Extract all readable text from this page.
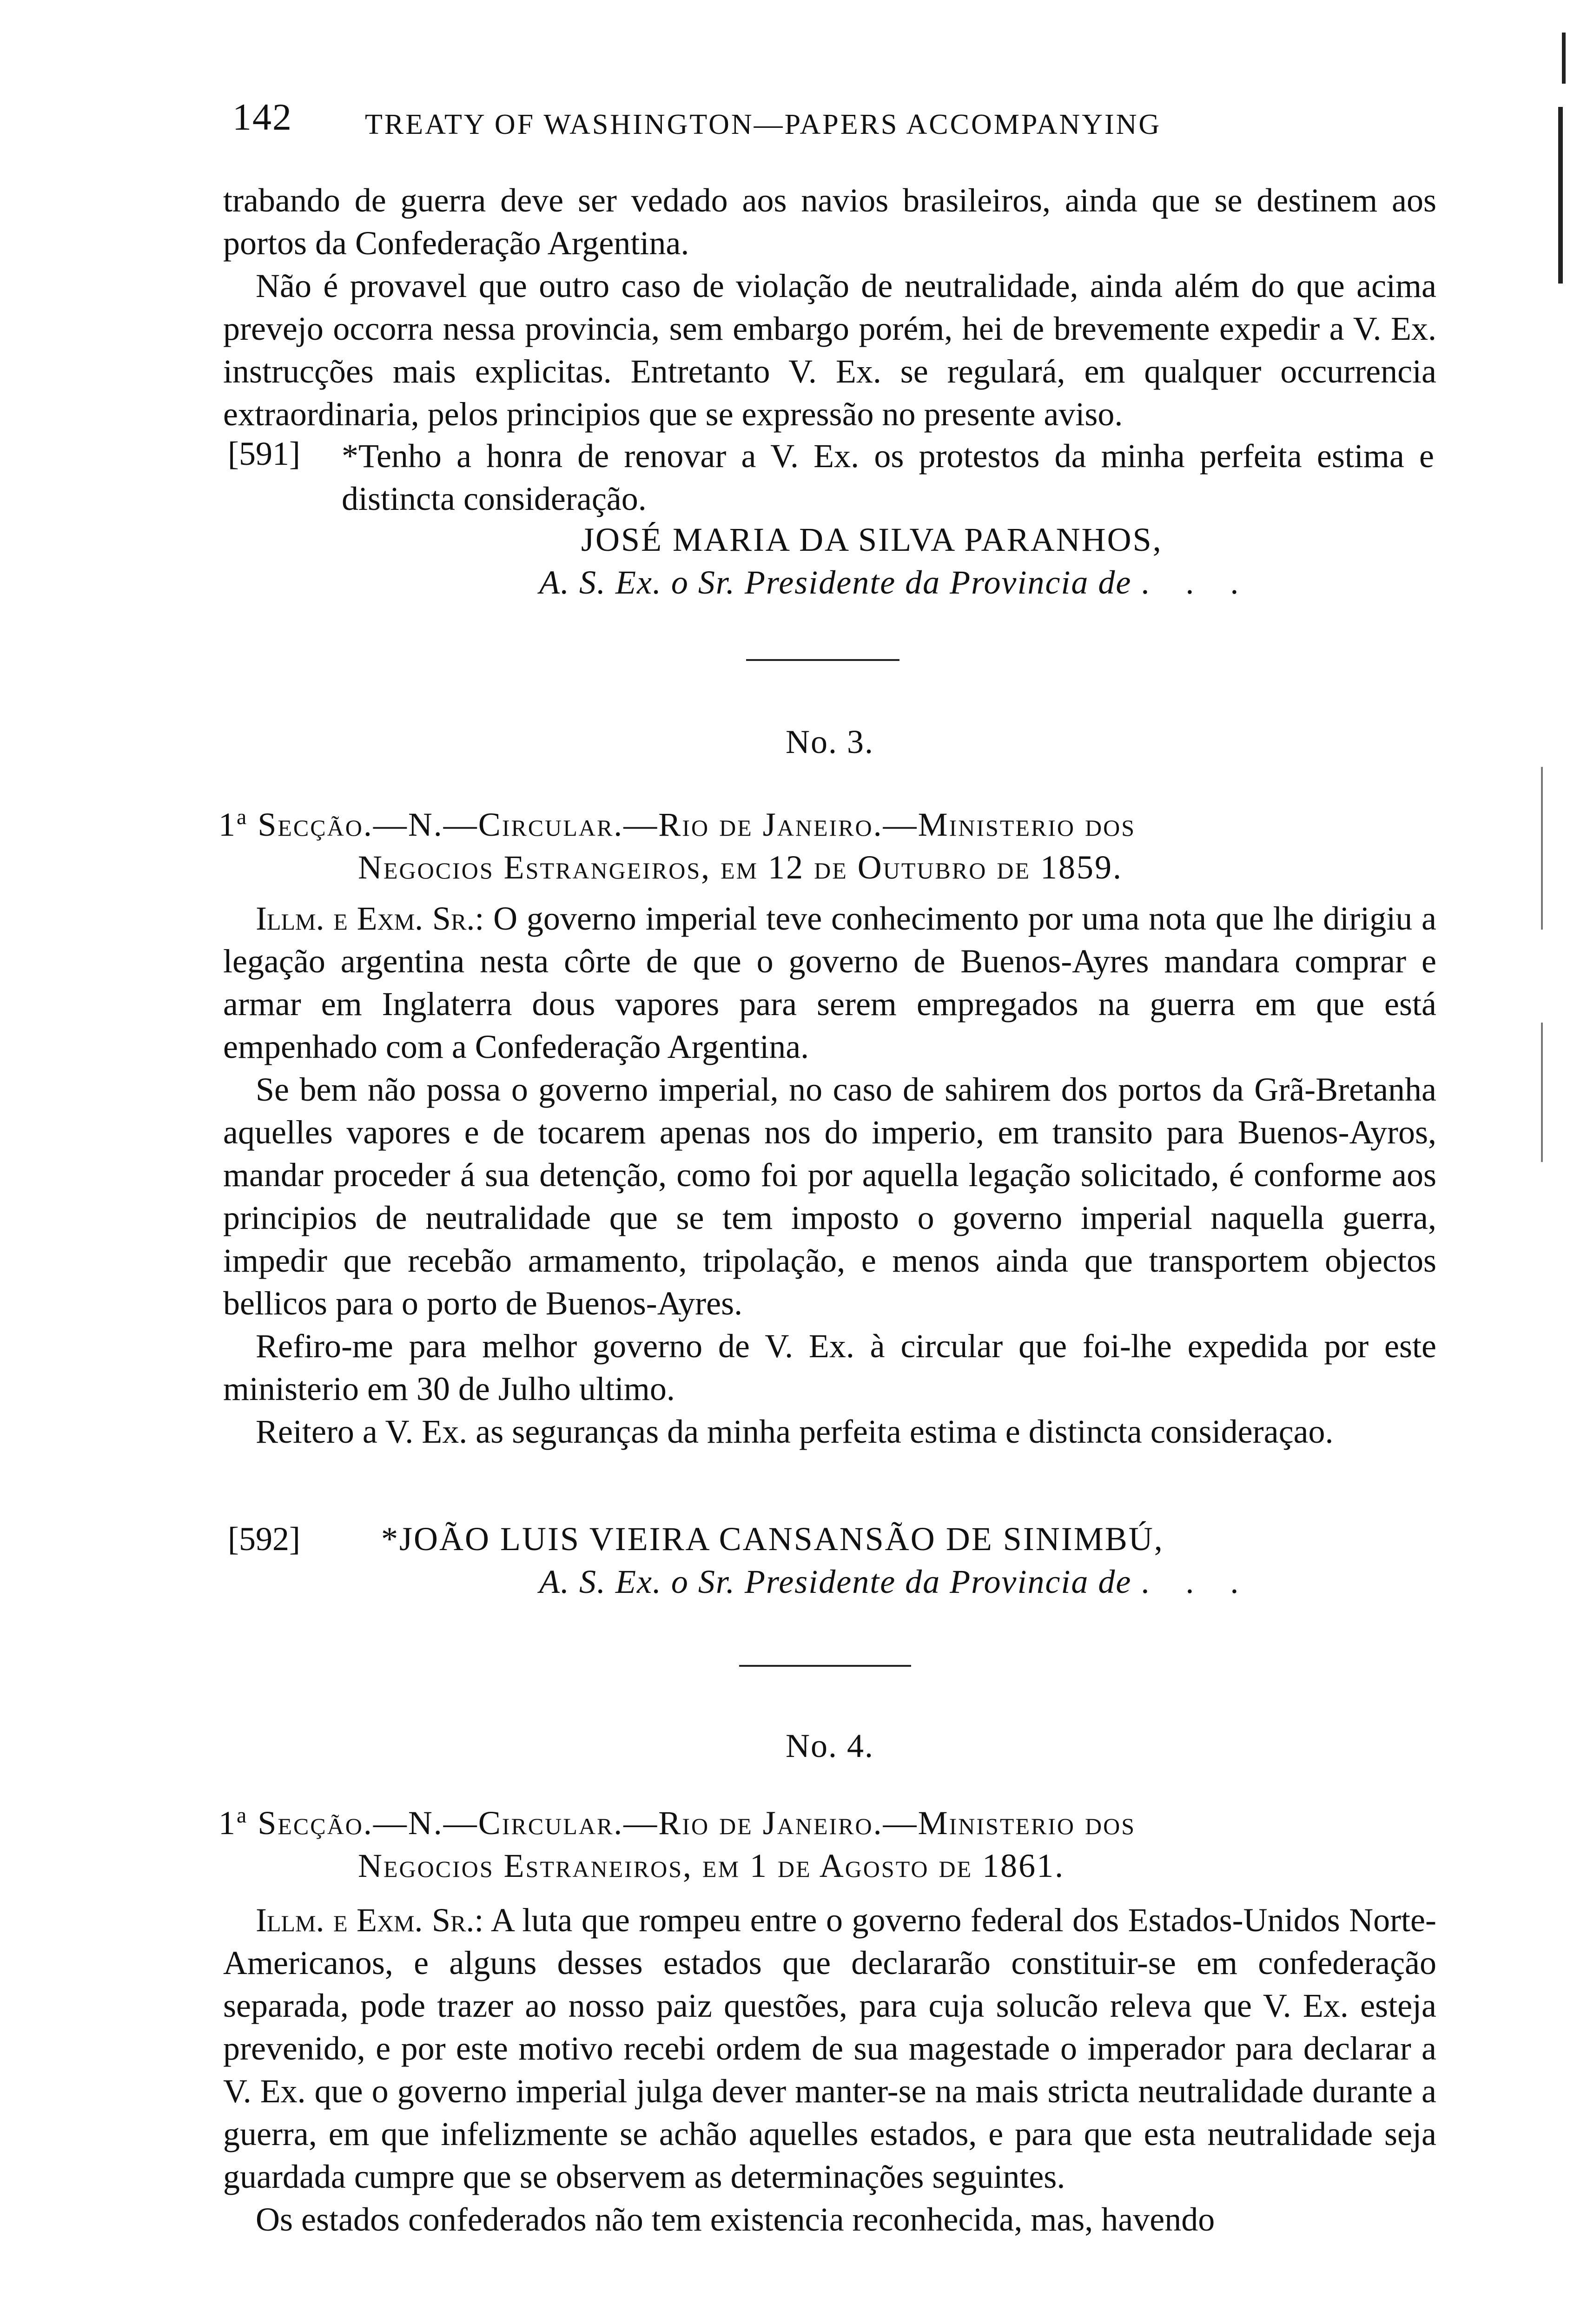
142	TREATY OF WASHINGTON—PAPERS ACCOMPANYING

trabando de guerra deve ser vedado aos navios brasileiros, ainda que se destinem aos portos da Confederação Argentina.

Não é provavel que outro caso de violação de neutralidade, ainda além do que acima prevejo occorra nessa provincia, sem embargo porém, hei de brevemente expedir a V. Ex. instrucções mais explicitas. Entretanto V. Ex. se regulará, em qualquer occurrencia extraordinaria, pelos principios que se expressão no presente aviso.

[591] *Tenho a honra de renovar a V. Ex. os protestos da minha perfeita estima e distincta consideração.
JOSÉ MARIA DA SILVA PARANHOS,
A. S. Ex. o Sr. Presidente da Provincia de . . .
No. 3.
1$^a$ Secção.—N.—Circular.—Rio de Janeiro.—Ministerio dos
Negocios Estrangeiros, em 12 de Outubro de 1859.

Illm. e Exm. Sr.: O governo imperial teve conhecimento por uma nota que lhe dirigiu a legação argentina nesta côrte de que o governo de Buenos-Ayres mandara comprar e armar em Inglaterra dous vapores para serem empregados na guerra em que está empenhado com a Confederação Argentina.

Se bem não possa o governo imperial, no caso de sahirem dos portos da Grã-Bretanha aquelles vapores e de tocarem apenas nos do imperio, em transito para Buenos-Ayros, mandar proceder á sua detenção, como foi por aquella legação solicitado, é conforme aos principios de neutralidade que se tem imposto o governo imperial naquella guerra, impedir que recebão armamento, tripolação, e menos ainda que transportem objectos bellicos para o porto de Buenos-Ayres.

Refiro-me para melhor governo de V. Ex. à circular que foi-lhe expedida por este ministerio em 30 de Julho ultimo.

Reitero a V. Ex. as seguranças da minha perfeita estima e distincta consideraçao.

[592] *JOÃO LUIS VIEIRA CANSANSÃO DE SINIMBÚ,
A. S. Ex. o Sr. Presidente da Provincia de . . .
No. 4.
1$^a$ Secção.—N.—Circular.—Rio de Janeiro.—Ministerio dos
Negocios Estraneiros, em 1 de Agosto de 1861.

Illm. e Exm. Sr.: A luta que rompeu entre o governo federal dos Estados-Unidos Norte-Americanos, e alguns desses estados que declararão constituir-se em confederação separada, pode trazer ao nosso paiz questões, para cuja solucão releva que V. Ex. esteja prevenido, e por este motivo recebi ordem de sua magestade o imperador para declarar a V. Ex. que o governo imperial julga dever manter-se na mais stricta neutralidade durante a guerra, em que infelizmente se achão aquelles estados, e para que esta neutralidade seja guardada cumpre que se observem as determinações seguintes.

Os estados confederados não tem existencia reconhecida, mas, havendo
